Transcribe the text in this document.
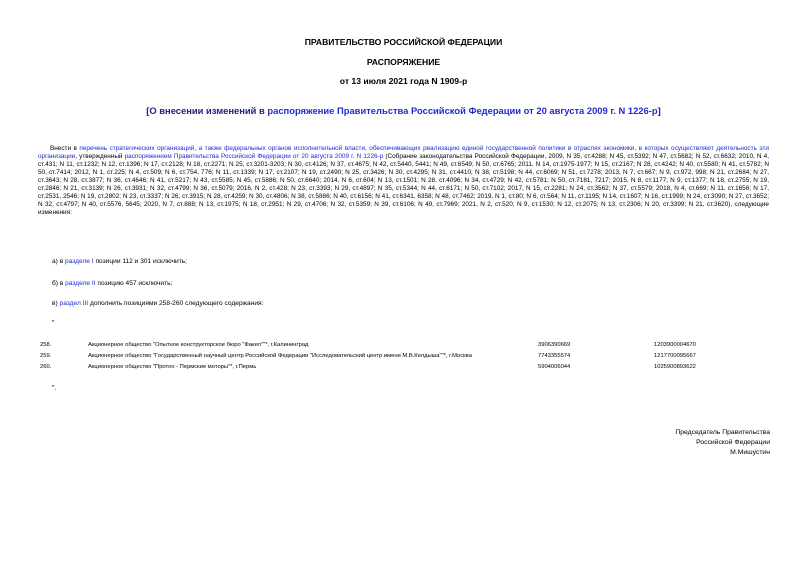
ПРАВИТЕЛЬСТВО РОССИЙСКОЙ ФЕДЕРАЦИИ
РАСПОРЯЖЕНИЕ
от 13 июля 2021 года N 1909-р
[О внесении изменений в распоряжение Правительства Российской Федерации от 20 августа 2009 г. N 1226-р]
Внести в перечень стратегических организаций, а также федеральных органов исполнительной власти, обеспечивающих реализацию единой государственной политики в отраслях экономики, в которых осуществляют деятельность эти организации, утвержденный распоряжением Правительства Российской Федерации от 20 августа 2009 г. N 1226-р (Собрание законодательства Российской Федерации, 2009, N 35, ст.4288; N 45, ст.5392; N 47, ст.5682; N 52, ст.6632; 2010, N 4, ст.431; N 11, ст.1232; N 12, ст.1396; N 17, ст.2128; N 18, ст.2271; N 25, ст.3201-3203; N 30, ст.4126; N 37, ст.4675; N 42, ст.5440, 5441; N 49, ст.6549; N 50, ст.6765; 2011, N 14, ст.1975-1977; N 15, ст.2167; N 28, ст.4242; N 40, ст.5580; N 41, ст.5782; N 50, ст.7414; 2012, N 1, ст.225; N 4, ст.509; N 6, ст.754, 776; N 11, ст.1339; N 17, ст.2107; N 19, ст.2490; N 25, ст.3426; N 30, ст.4295; N 31, ст.4410; N 38, ст.5198; N 44, ст.6069; N 51, ст.7278; 2013, N 7, ст.667; N 9, ст.972, 998; N 21, ст.2684; N 27, ст.3643; N 28, ст.3877; N 36, ст.4646; N 41, ст.5217; N 43, ст.5585; N 45, ст.5886; N 50, ст.6640; 2014, N 6, ст.604; N 13, ст.1501; N 28, ст.4096; N 34, ст.4729; N 42, ст.5781; N 50, ст.7181, 7217; 2015, N 8, ст.1177; N 9, ст.1377; N 18, ст.2755; N 19, ст.2846; N 21, ст.3139; N 26, ст.3931; N 32, ст.4799; N 36, ст.5079; 2016, N 2, ст.428; N 23, ст.3393; N 29, ст.4897; N 35, ст.5344; N 44, ст.6171; N 50, ст.7102; 2017, N 15, ст.2281; N 24, ст.3562; N 37, ст.5579; 2018, N 4, ст.669; N 11, ст.1656; N 17, ст.2531, 2546; N 19, ст.2802; N 23, ст.3337; N 26, ст.3915; N 28, ст.4259; N 30, ст.4806; N 38, ст.5886; N 40, ст.6156; N 41, ст.6341, 6358; N 48, ст.7462; 2019, N 1, ст.80; N 6, ст.564; N 11, ст.1195; N 14, ст.1607; N 16, ст.1999; N 24, ст.3090; N 27, ст.3652; N 32, ст.4797; N 40, ст.5576, 5645; 2020, N 7, ст.888; N 13, ст.1975; N 18, ст.2951; N 29, ст.4706; N 32, ст.5359; N 39, ст.6106; N 49, ст.7969; 2021, N 2, ст.520; N 9, ст.1530; N 12, ст.2075; N 13, ст.2306; N 20, ст.3399; N 21, ст.3620), следующие изменения:
а) в разделе I позиции 112 и 301 исключить;
б) в разделе II позицию 457 исключить;
в) раздел III дополнить позициями 258-260 следующего содержания:
"
258.	Акционерное общество "Опытное конструкторское бюро "Факел""*, г.Калининград	3906390669	1203900004670
259.	Акционерное общество "Государственный научный центр Российской Федерации "Исследовательский центр имени М.В.Келдыша""*, г.Москва	7743355574	1217700095667
260.	Акционерное общество "Протон - Пермские моторы"*, г.Пермь	5904006044	1025900893622
".
Председатель Правительства
Российской Федерации
М.Мишустин
